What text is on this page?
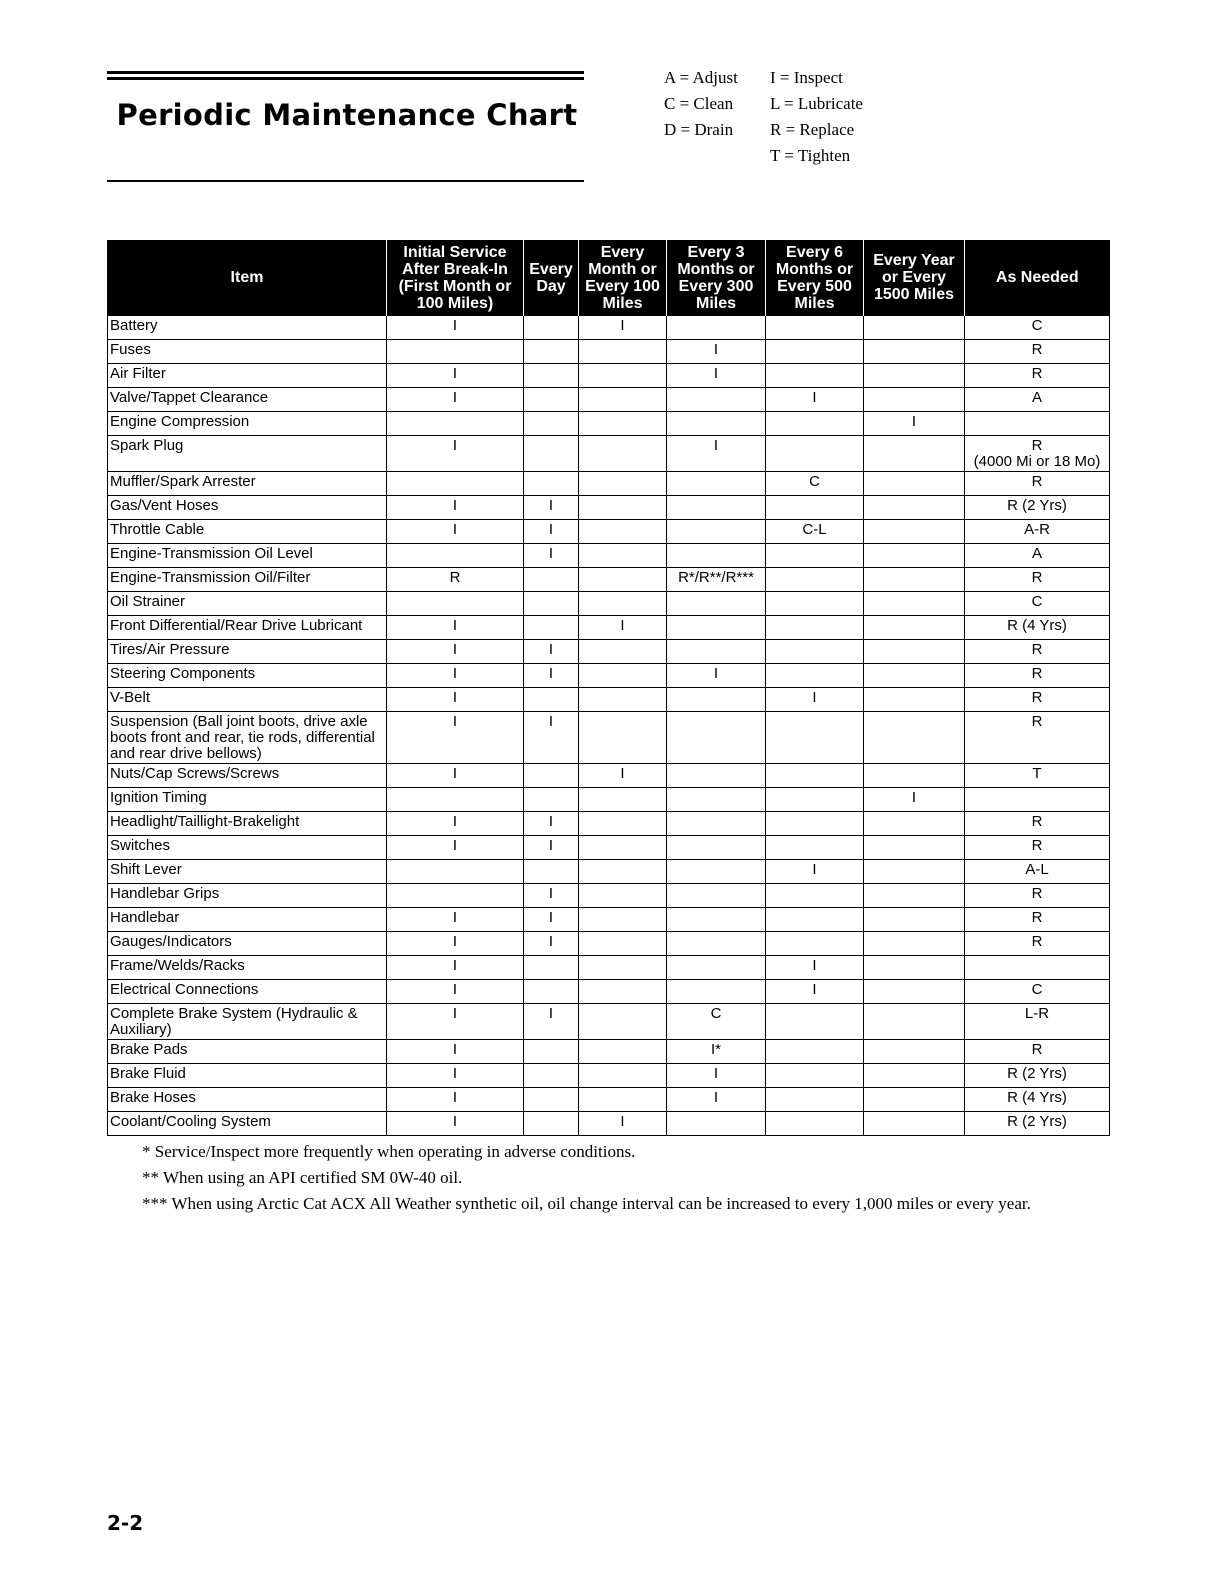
Periodic Maintenance Chart
A = Adjust
C = Clean
D = Drain
I = Inspect
L = Lubricate
R = Replace
T = Tighten
Item	Initial Service After Break-In (First Month or 100 Miles)	Every Day	Every Month or Every 100 Miles	Every 3 Months or Every 300 Miles	Every 6 Months or Every 500 Miles	Every Year or Every 1500 Miles	As Needed
Battery	I		I				C
Fuses				I			R
Air Filter	I			I			R
Valve/Tappet Clearance	I				I		A
Engine Compression						I	
Spark Plug	I			I			R
(4000 Mi or 18 Mo)
Muffler/Spark Arrester					C		R
Gas/Vent Hoses	I	I					R (2 Yrs)
Throttle Cable	I	I			C-L		A-R
Engine-Transmission Oil Level		I					A
Engine-Transmission Oil/Filter	R			R*/R**/R***			R
Oil Strainer							C
Front Differential/Rear Drive Lubricant	I		I				R (4 Yrs)
Tires/Air Pressure	I	I					R
Steering Components	I	I		I			R
V-Belt	I				I		R
Suspension (Ball joint boots, drive axle boots front and rear, tie rods, differential and rear drive bellows)	I	I					R
Nuts/Cap Screws/Screws	I		I				T
Ignition Timing						I	
Headlight/Taillight-Brakelight	I	I					R
Switches	I	I					R
Shift Lever					I		A-L
Handlebar Grips		I					R
Handlebar	I	I					R
Gauges/Indicators	I	I					R
Frame/Welds/Racks	I				I		
Electrical Connections	I				I		C
Complete Brake System (Hydraulic & Auxiliary)	I	I		C			L-R
Brake Pads	I			I*			R
Brake Fluid	I			I			R (2 Yrs)
Brake Hoses	I			I			R (4 Yrs)
Coolant/Cooling System	I		I				R (2 Yrs)
* Service/Inspect more frequently when operating in adverse conditions.
** When using an API certified SM 0W-40 oil.
*** When using Arctic Cat ACX All Weather synthetic oil, oil change interval can be increased to every 1,000 miles or every year.
2-2
